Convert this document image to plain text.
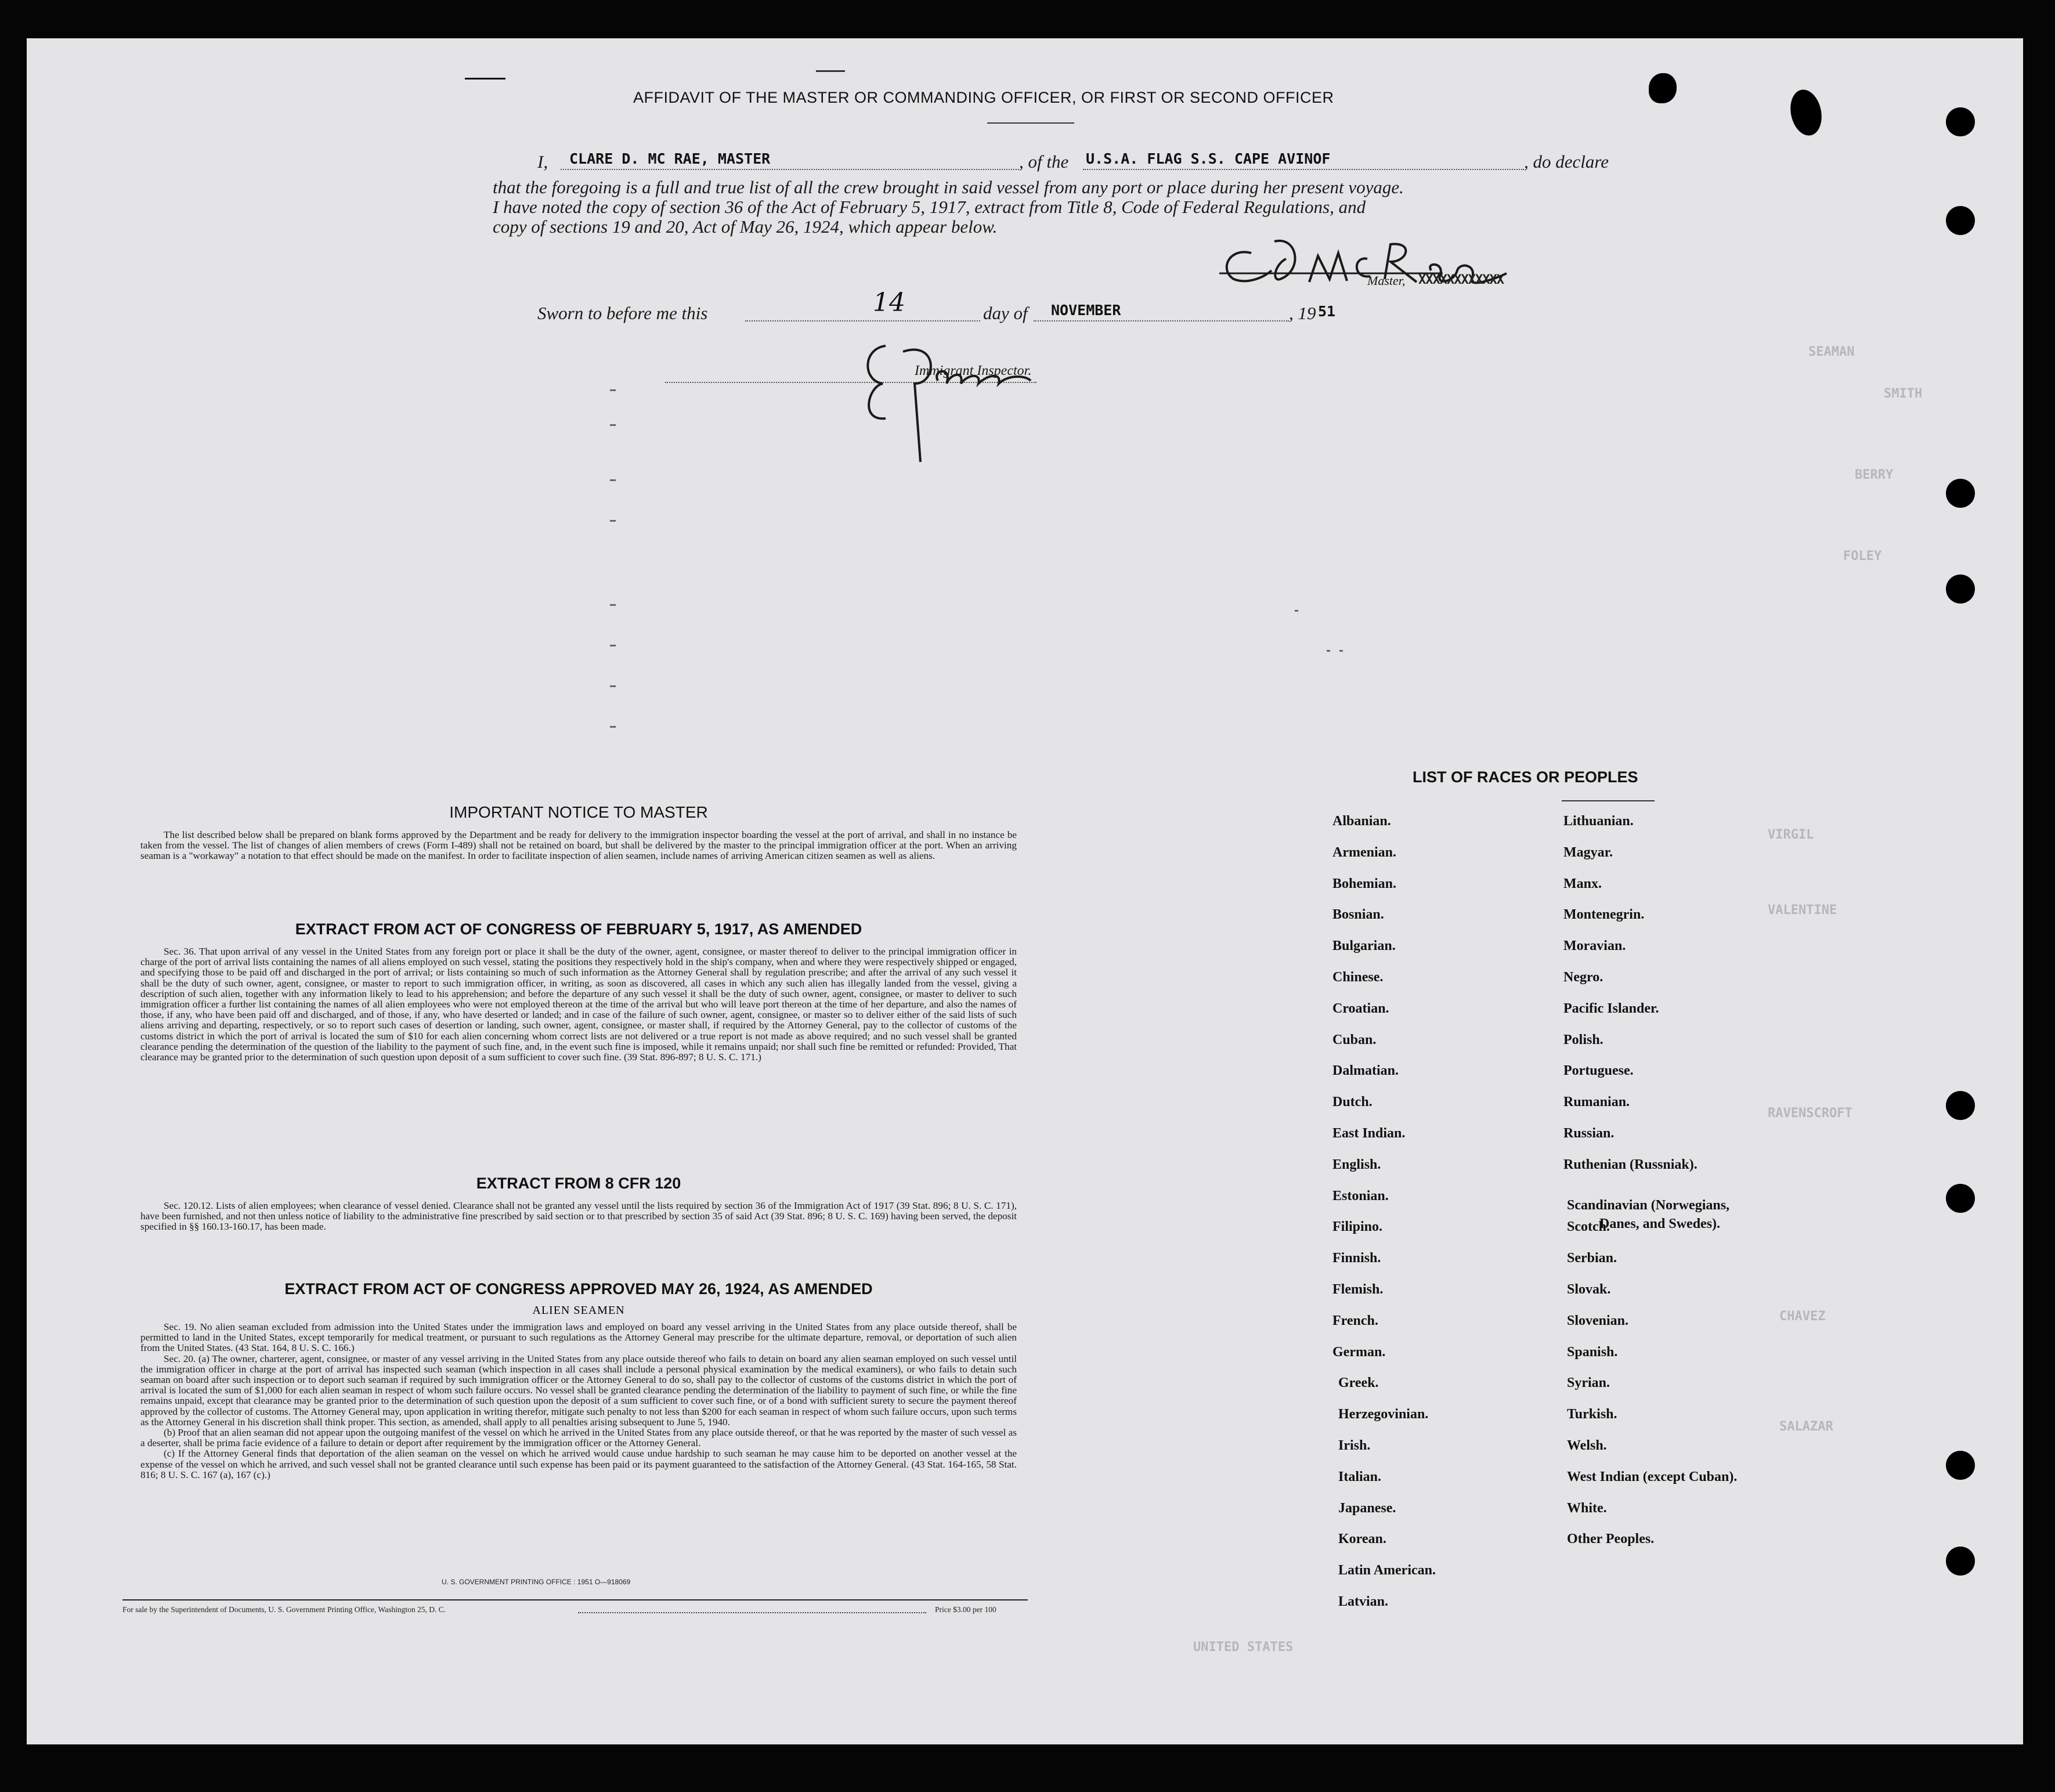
SEAMAN
SMITH
BERRY
FOLEY
VIRGIL
VALENTINE
RAVENSCROFT
CHAVEZ
SALAZAR
UNITED STATES
AFFIDAVIT OF THE MASTER OR COMMANDING OFFICER, OR FIRST OR SECOND OFFICER
I, CLARE D. MC RAE, MASTER	, of the U.S.A. FLAG S.S. CAPE AVINOF	, do declare
that the foregoing is a full and true list of all the crew brought in said vessel from any port or place during her present voyage.
I have noted the copy of section 36 of the Act of February 5, 1917, extract from Title 8, Code of Federal Regulations, and
copy of sections 19 and 20, Act of May 26, 1924, which appear below.
Master, XXXXXXXXXXXX
Sworn to before me this	14	day of NOVEMBER	, 19 51
Immigrant Inspector.
IMPORTANT NOTICE TO MASTER

The list described below shall be prepared on blank forms approved by the Department and be ready for delivery to the immigration inspector boarding the vessel at the port of arrival, and shall in no instance be taken from the vessel. The list of changes of alien members of crews (Form I-489) shall not be retained on board, but shall be delivered by the master to the principal immigration officer at the port. When an arriving seaman is a "workaway" a notation to that effect should be made on the manifest. In order to facilitate inspection of alien seamen, include names of arriving American citizen seamen as well as aliens.

EXTRACT FROM ACT OF CONGRESS OF FEBRUARY 5, 1917, AS AMENDED

Sec. 36. That upon arrival of any vessel in the United States from any foreign port or place it shall be the duty of the owner, agent, consignee, or master thereof to deliver to the principal immigration officer in charge of the port of arrival lists containing the names of all aliens employed on such vessel, stating the positions they respectively hold in the ship's company, when and where they were respectively shipped or engaged, and specifying those to be paid off and discharged in the port of arrival; or lists containing so much of such information as the Attorney General shall by regulation prescribe; and after the arrival of any such vessel it shall be the duty of such owner, agent, consignee, or master to report to such immigration officer, in writing, as soon as discovered, all cases in which any such alien has illegally landed from the vessel, giving a description of such alien, together with any information likely to lead to his apprehension; and before the departure of any such vessel it shall be the duty of such owner, agent, consignee, or master to deliver to such immigration officer a further list containing the names of all alien employees who were not employed thereon at the time of the arrival but who will leave port thereon at the time of her departure, and also the names of those, if any, who have been paid off and discharged, and of those, if any, who have deserted or landed; and in case of the failure of such owner, agent, consignee, or master so to deliver either of the said lists of such aliens arriving and departing, respectively, or so to report such cases of desertion or landing, such owner, agent, consignee, or master shall, if required by the Attorney General, pay to the collector of customs of the customs district in which the port of arrival is located the sum of $10 for each alien concerning whom correct lists are not delivered or a true report is not made as above required; and no such vessel shall be granted clearance pending the determination of the question of the liability to the payment of such fine, and, in the event such fine is imposed, while it remains unpaid; nor shall such fine be remitted or refunded: Provided, That clearance may be granted prior to the determination of such question upon deposit of a sum sufficient to cover such fine. (39 Stat. 896-897; 8 U. S. C. 171.)

EXTRACT FROM 8 CFR 120

Sec. 120.12. Lists of alien employees; when clearance of vessel denied. Clearance shall not be granted any vessel until the lists required by section 36 of the Immigration Act of 1917 (39 Stat. 896; 8 U. S. C. 171), have been furnished, and not then unless notice of liability to the administrative fine prescribed by said section or to that prescribed by section 35 of said Act (39 Stat. 896; 8 U. S. C. 169) having been served, the deposit specified in §§ 160.13-160.17, has been made.

EXTRACT FROM ACT OF CONGRESS APPROVED MAY 26, 1924, AS AMENDED
ALIEN SEAMEN

Sec. 19. No alien seaman excluded from admission into the United States under the immigration laws and employed on board any vessel arriving in the United States from any place outside thereof, shall be permitted to land in the United States, except temporarily for medical treatment, or pursuant to such regulations as the Attorney General may prescribe for the ultimate departure, removal, or deportation of such alien from the United States. (43 Stat. 164, 8 U. S. C. 166.)

Sec. 20. (a) The owner, charterer, agent, consignee, or master of any vessel arriving in the United States from any place outside thereof who fails to detain on board any alien seaman employed on such vessel until the immigration officer in charge at the port of arrival has inspected such seaman (which inspection in all cases shall include a personal physical examination by the medical examiners), or who fails to detain such seaman on board after such inspection or to deport such seaman if required by such immigration officer or the Attorney General to do so, shall pay to the collector of customs of the customs district in which the port of arrival is located the sum of $1,000 for each alien seaman in respect of whom such failure occurs. No vessel shall be granted clearance pending the determination of the liability to payment of such fine, or while the fine remains unpaid, except that clearance may be granted prior to the determination of such question upon the deposit of a sum sufficient to cover such fine, or of a bond with sufficient surety to secure the payment thereof approved by the collector of customs. The Attorney General may, upon application in writing therefor, mitigate such penalty to not less than $200 for each seaman in respect of whom such failure occurs, upon such terms as the Attorney General in his discretion shall think proper. This section, as amended, shall apply to all penalties arising subsequent to June 5, 1940.

(b) Proof that an alien seaman did not appear upon the outgoing manifest of the vessel on which he arrived in the United States from any place outside thereof, or that he was reported by the master of such vessel as a deserter, shall be prima facie evidence of a failure to detain or deport after requirement by the immigration officer or the Attorney General.

(c) If the Attorney General finds that deportation of the alien seaman on the vessel on which he arrived would cause undue hardship to such seaman he may cause him to be deported on another vessel at the expense of the vessel on which he arrived, and such vessel shall not be granted clearance until such expense has been paid or its payment guaranteed to the satisfaction of the Attorney General. (43 Stat. 164-165, 58 Stat. 816; 8 U. S. C. 167 (a), 167 (c).)

U. S. GOVERNMENT PRINTING OFFICE : 1951 O—918069
For sale by the Superintendent of Documents, U. S. Government Printing Office, Washington 25, D. C.	Price $3.00 per 100
LIST OF RACES OR PEOPLES
Albanian.
Armenian.
Bohemian.
Bosnian.
Bulgarian.
Chinese.
Croatian.
Cuban.
Dalmatian.
Dutch.
East Indian.
English.
Estonian.
Filipino.
Finnish.
Flemish.
French.
German.
Greek.
Herzegovinian.
Irish.
Italian.
Japanese.
Korean.
Latin American.
Latvian.
Lithuanian.
Magyar.
Manx.
Montenegrin.
Moravian.
Negro.
Pacific Islander.
Polish.
Portuguese.
Rumanian.
Russian.
Ruthenian (Russniak).
Scandinavian (Norwegians,
Danes, and Swedes).
Scotch.
Serbian.
Slovak.
Slovenian.
Spanish.
Syrian.
Turkish.
Welsh.
West Indian (except Cuban).
White.
Other Peoples.
